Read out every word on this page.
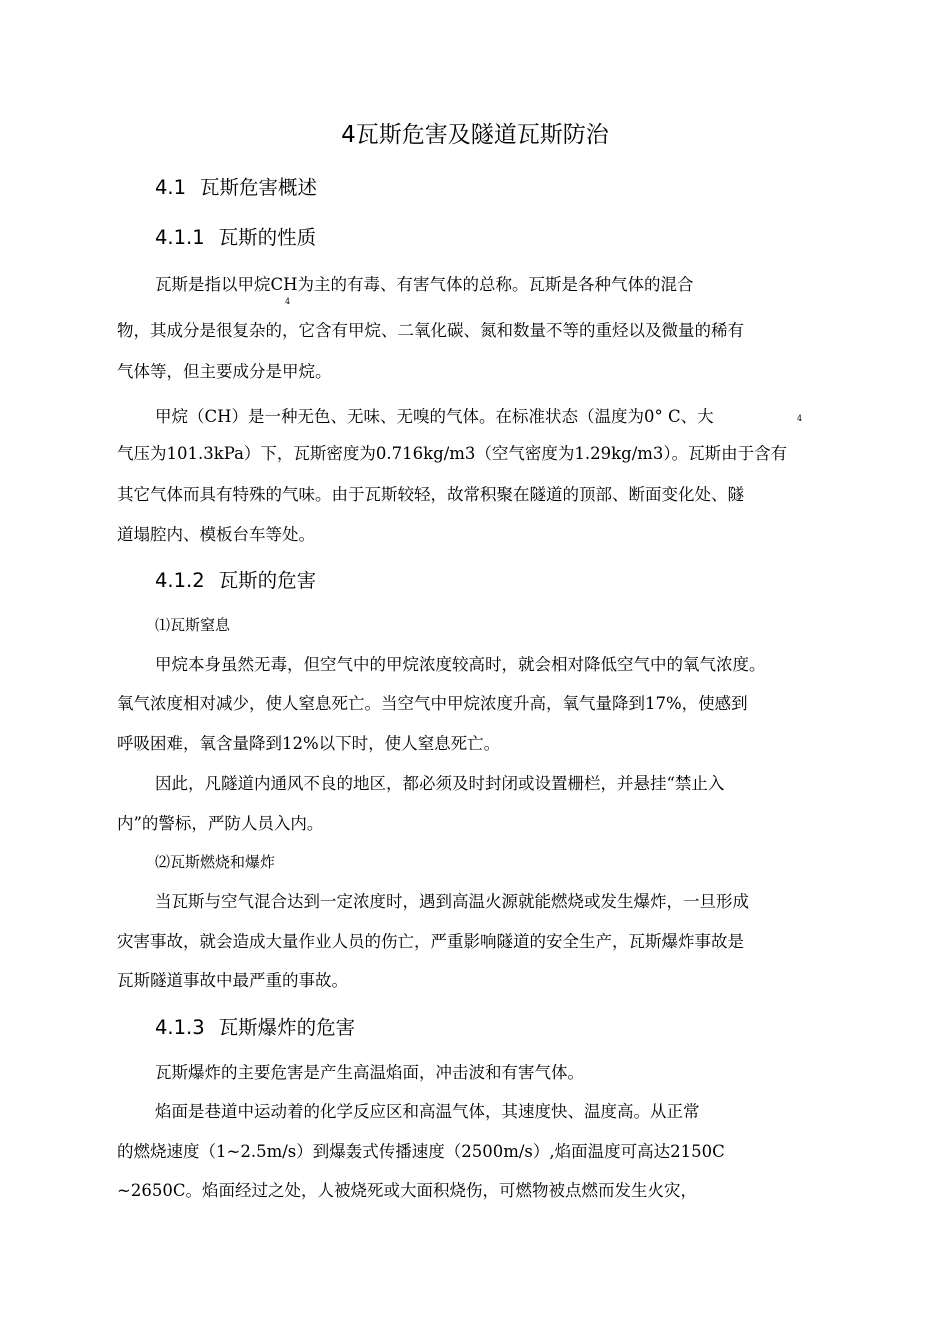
4瓦斯危害及隧道瓦斯防治
4.1 瓦斯危害概述
4.1.1 瓦斯的性质

瓦斯是指以甲烷CH为主的有毒、有害气体的总称。瓦斯是各种气体的混合

4

物，其成分是很复杂的，它含有甲烷、二氧化碳、氮和数量不等的重烃以及微量的稀有

气体等，但主要成分是甲烷。

甲烷（CH）是一种无色、无味、无嗅的气体。在标准状态（温度为0° C、大	4

气压为101.3kPa）下，瓦斯密度为0.716kg/m3（空气密度为1.29kg/m3）。瓦斯由于含有

其它气体而具有特殊的气味。由于瓦斯较轻，故常积聚在隧道的顶部、断面变化处、隧

道塌腔内、模板台车等处。

4.1.2 瓦斯的危害

⑴瓦斯窒息

甲烷本身虽然无毒，但空气中的甲烷浓度较高时，就会相对降低空气中的氧气浓度。

氧气浓度相对减少，使人窒息死亡。当空气中甲烷浓度升高，氧气量降到17%，使感到

呼吸困难，氧含量降到12%以下时，使人窒息死亡。

因此，凡隧道内通风不良的地区，都必须及时封闭或设置栅栏，并悬挂“禁止入

内”的警标，严防人员入内。

⑵瓦斯燃烧和爆炸

当瓦斯与空气混合达到一定浓度时，遇到高温火源就能燃烧或发生爆炸，一旦形成

灾害事故，就会造成大量作业人员的伤亡，严重影响隧道的安全生产，瓦斯爆炸事故是

瓦斯隧道事故中最严重的事故。

4.1.3 瓦斯爆炸的危害

瓦斯爆炸的主要危害是产生高温焰面，冲击波和有害气体。

焰面是巷道中运动着的化学反应区和高温气体，其速度快、温度高。从正常

的燃烧速度（1~2.5m/s）到爆轰式传播速度（2500m/s）,焰面温度可高达2150C

~2650C。焰面经过之处，人被烧死或大面积烧伤，可燃物被点燃而发生火灾，
